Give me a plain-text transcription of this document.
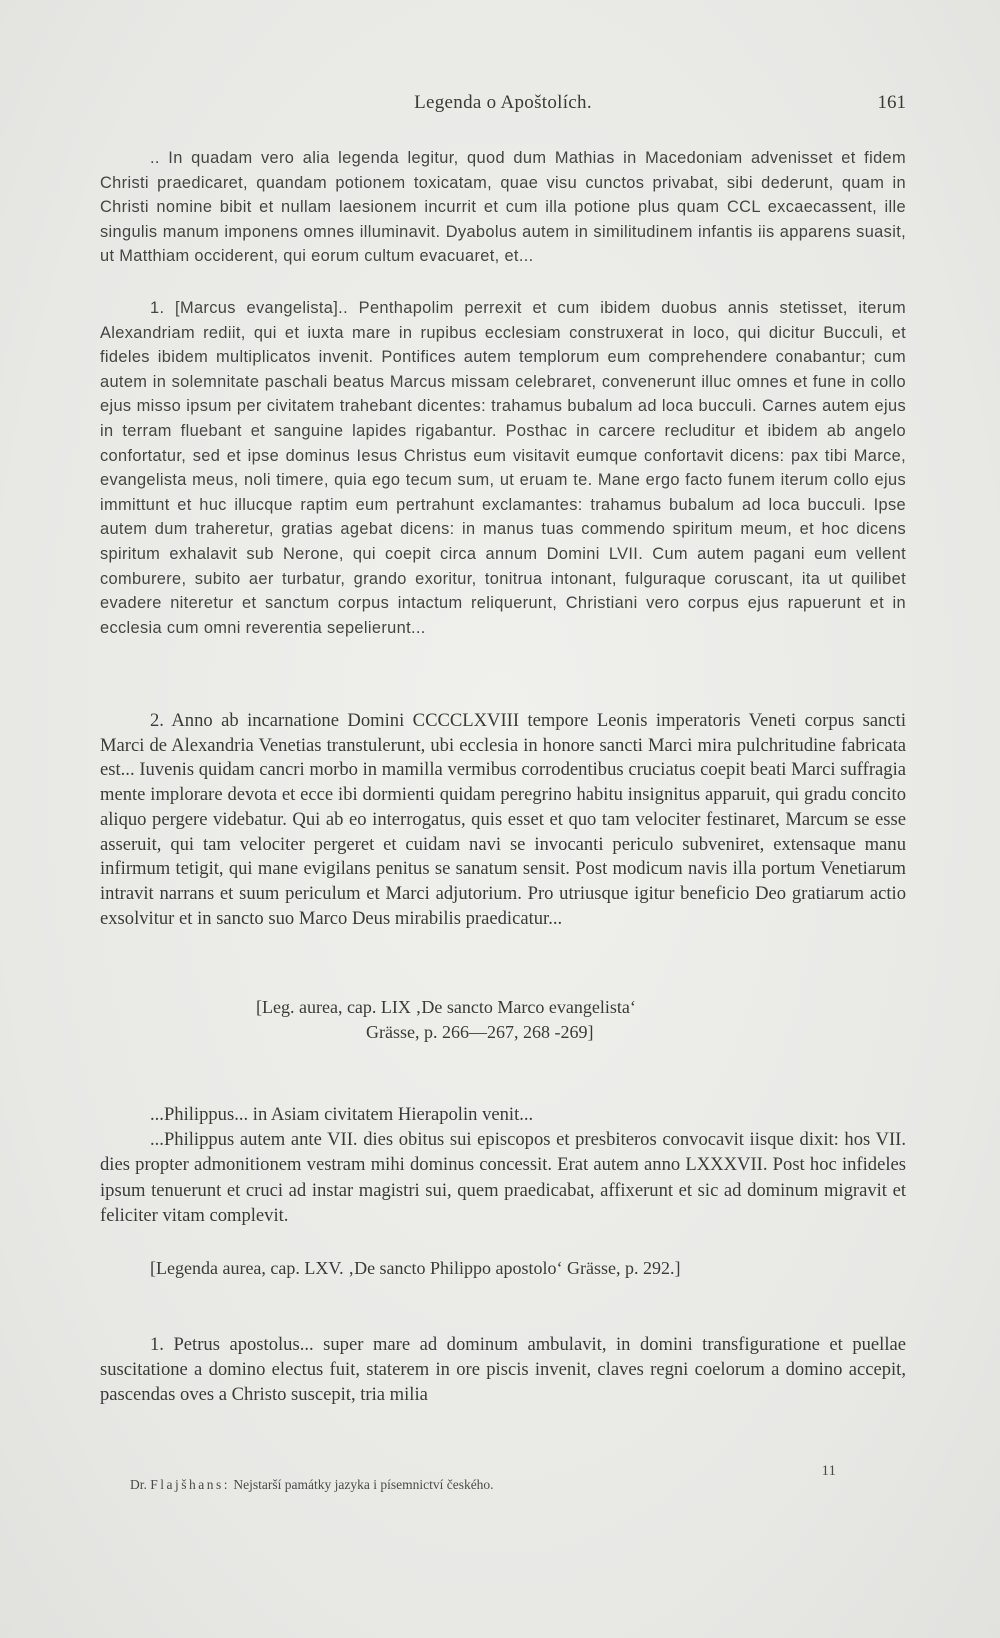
Legenda o Apoštolích.	161

.. In quadam vero alia legenda legitur, quod dum Mathias in Macedoniam advenisset et fidem Christi praedicaret, quandam potionem toxicatam, quae visu cunctos privabat, sibi dederunt, quam in Christi nomine bibit et nullam laesionem incurrit et cum illa potione plus quam CCL excaecassent, ille singulis manum imponens omnes illuminavit. Dyabolus autem in similitudinem infantis iis apparens suasit, ut Matthiam occiderent, qui eorum cultum evacuaret, et...

1. [Marcus evangelista].. Penthapolim perrexit et cum ibidem duobus annis stetisset, iterum Alexandriam rediit, qui et iuxta mare in rupibus ecclesiam construxerat in loco, qui dicitur Bucculi, et fideles ibidem multiplicatos invenit. Pontifices autem templorum eum comprehendere conabantur; cum autem in solemnitate paschali beatus Marcus missam celebraret, convenerunt illuc omnes et fune in collo ejus misso ipsum per civitatem trahebant dicentes: trahamus bubalum ad loca bucculi. Carnes autem ejus in terram fluebant et sanguine lapides rigabantur. Posthac in carcere recluditur et ibidem ab angelo confortatur, sed et ipse dominus Iesus Christus eum visitavit eumque confortavit dicens: pax tibi Marce, evangelista meus, noli timere, quia ego tecum sum, ut eruam te. Mane ergo facto funem iterum collo ejus immittunt et huc illucque raptim eum pertrahunt exclamantes: trahamus bubalum ad loca bucculi. Ipse autem dum traheretur, gratias agebat dicens: in manus tuas commendo spiritum meum, et hoc dicens spiritum exhalavit sub Nerone, qui coepit circa annum Domini LVII. Cum autem pagani eum vellent comburere, subito aer turbatur, grando exoritur, tonitrua intonant, fulguraque coruscant, ita ut quilibet evadere niteretur et sanctum corpus intactum reliquerunt, Christiani vero corpus ejus rapuerunt et in ecclesia cum omni reverentia sepelierunt...

2. Anno ab incarnatione Domini CCCCLXVIII tempore Leonis imperatoris Veneti corpus sancti Marci de Alexandria Venetias transtulerunt, ubi ecclesia in honore sancti Marci mira pulchritudine fabricata est... Iuvenis quidam cancri morbo in mamilla vermibus corrodentibus cruciatus coepit beati Marci suffragia mente implorare devota et ecce ibi dormienti quidam peregrino habitu insignitus apparuit, qui gradu concito aliquo pergere videbatur. Qui ab eo interrogatus, quis esset et quo tam velociter festinaret, Marcum se esse asseruit, qui tam velociter pergeret et cuidam navi se invocanti periculo subveniret, extensaque manu infirmum tetigit, qui mane evigilans penitus se sanatum sensit. Post modicum navis illa portum Venetiarum intravit narrans et suum periculum et Marci adjutorium. Pro utriusque igitur beneficio Deo gratiarum actio exsolvitur et in sancto suo Marco Deus mirabilis praedicatur...

[Leg. aurea, cap. LIX ‚De sancto Marco evangelista‘
Grässe, p. 266—267, 268 -269]

...Philippus... in Asiam civitatem Hierapolin venit...

...Philippus autem ante VII. dies obitus sui episcopos et presbiteros convocavit iisque dixit: hos VII. dies propter admonitionem vestram mihi dominus concessit. Erat autem anno LXXXVII. Post hoc infideles ipsum tenuerunt et cruci ad instar magistri sui, quem praedicabat, affixerunt et sic ad dominum migravit et feliciter vitam complevit.

[Legenda aurea, cap. LXV. ‚De sancto Philippo apostolo‘ Grässe, p. 292.]

1. Petrus apostolus... super mare ad dominum ambulavit, in domini transfiguratione et puellae suscitatione a domino electus fuit, staterem in ore piscis invenit, claves regni coelorum a domino accepit, pascendas oves a Christo suscepit, tria milia

Dr. Flajšhans: Nejstarší památky jazyka i písemnictví českého.
11
